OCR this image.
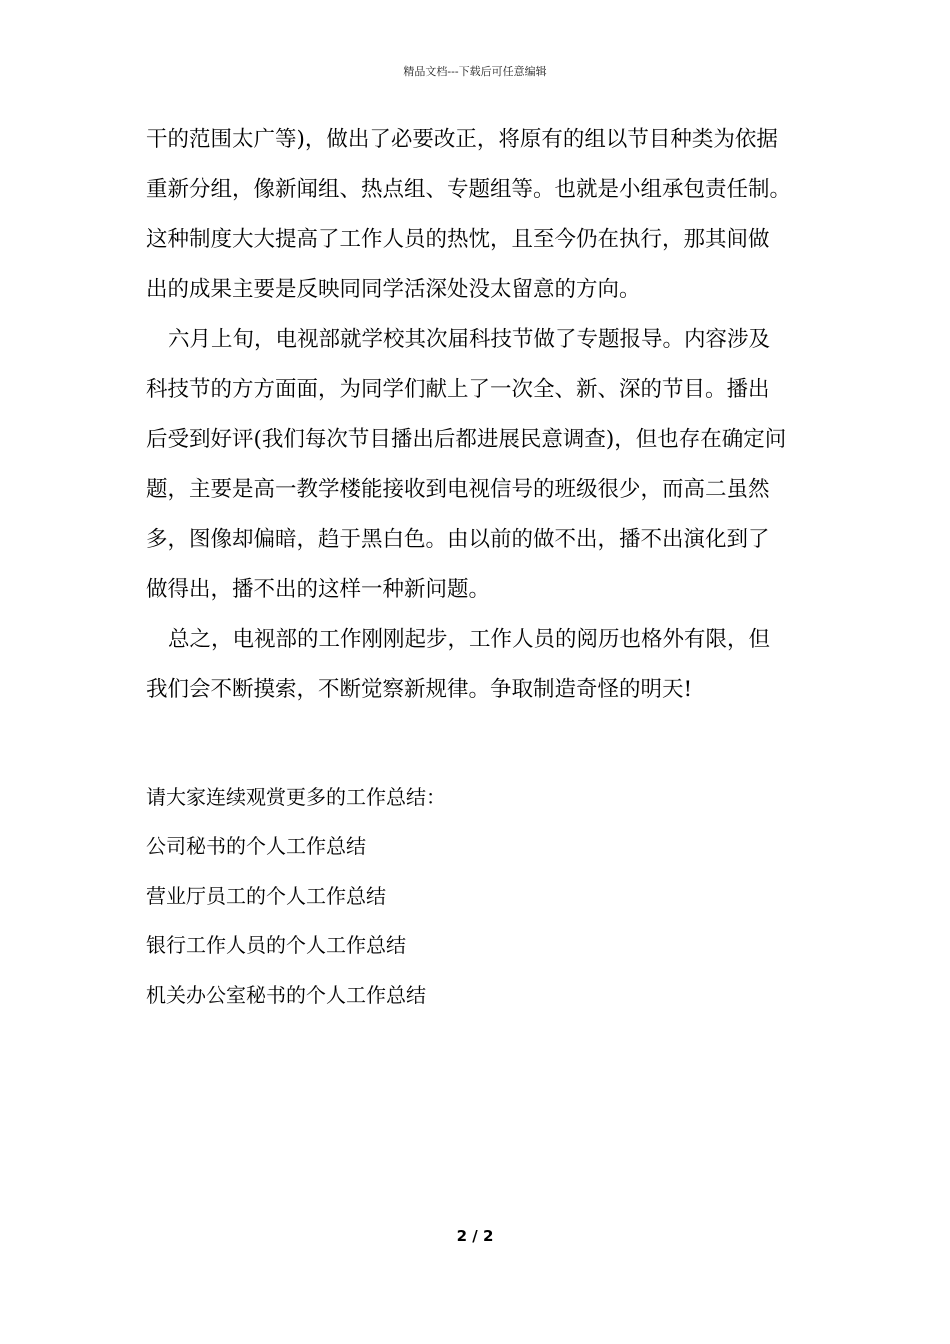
精品文档---下载后可任意编辑
干的范围太广等)，做出了必要改正，将原有的组以节目种类为依据
重新分组，像新闻组、热点组、专题组等。也就是小组承包责任制。
这种制度大大提高了工作人员的热忱，且至今仍在执行，那其间做
出的成果主要是反映同同学活深处没太留意的方向。
六月上旬，电视部就学校其次届科技节做了专题报导。内容涉及
科技节的方方面面，为同学们献上了一次全、新、深的节目。播出
后受到好评(我们每次节目播出后都进展民意调查)，但也存在确定问
题，主要是高一教学楼能接收到电视信号的班级很少，而高二虽然
多，图像却偏暗，趋于黑白色。由以前的做不出，播不出演化到了
做得出，播不出的这样一种新问题。
总之，电视部的工作刚刚起步，工作人员的阅历也格外有限，但
我们会不断摸索，不断觉察新规律。争取制造奇怪的明天!
请大家连续观赏更多的工作总结：
公司秘书的个人工作总结
营业厅员工的个人工作总结
银行工作人员的个人工作总结
机关办公室秘书的个人工作总结
2 / 2
